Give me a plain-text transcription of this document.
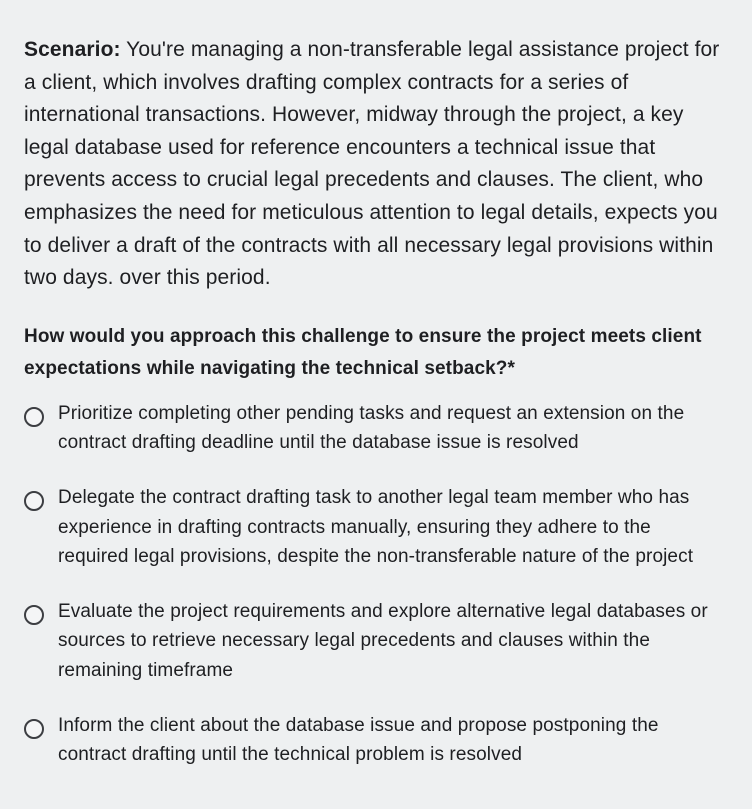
Scenario: You're managing a non-transferable legal assistance project for a client, which involves drafting complex contracts for a series of international transactions. However, midway through the project, a key legal database used for reference encounters a technical issue that prevents access to crucial legal precedents and clauses. The client, who emphasizes the need for meticulous attention to legal details, expects you to deliver a draft of the contracts with all necessary legal provisions within two days. over this period.

How would you approach this challenge to ensure the project meets client expectations while navigating the technical setback?*

Prioritize completing other pending tasks and request an extension on the contract drafting deadline until the database issue is resolved
Delegate the contract drafting task to another legal team member who has experience in drafting contracts manually, ensuring they adhere to the required legal provisions, despite the non-transferable nature of the project
Evaluate the project requirements and explore alternative legal databases or sources to retrieve necessary legal precedents and clauses within the remaining timeframe
Inform the client about the database issue and propose postponing the contract drafting until the technical problem is resolved
